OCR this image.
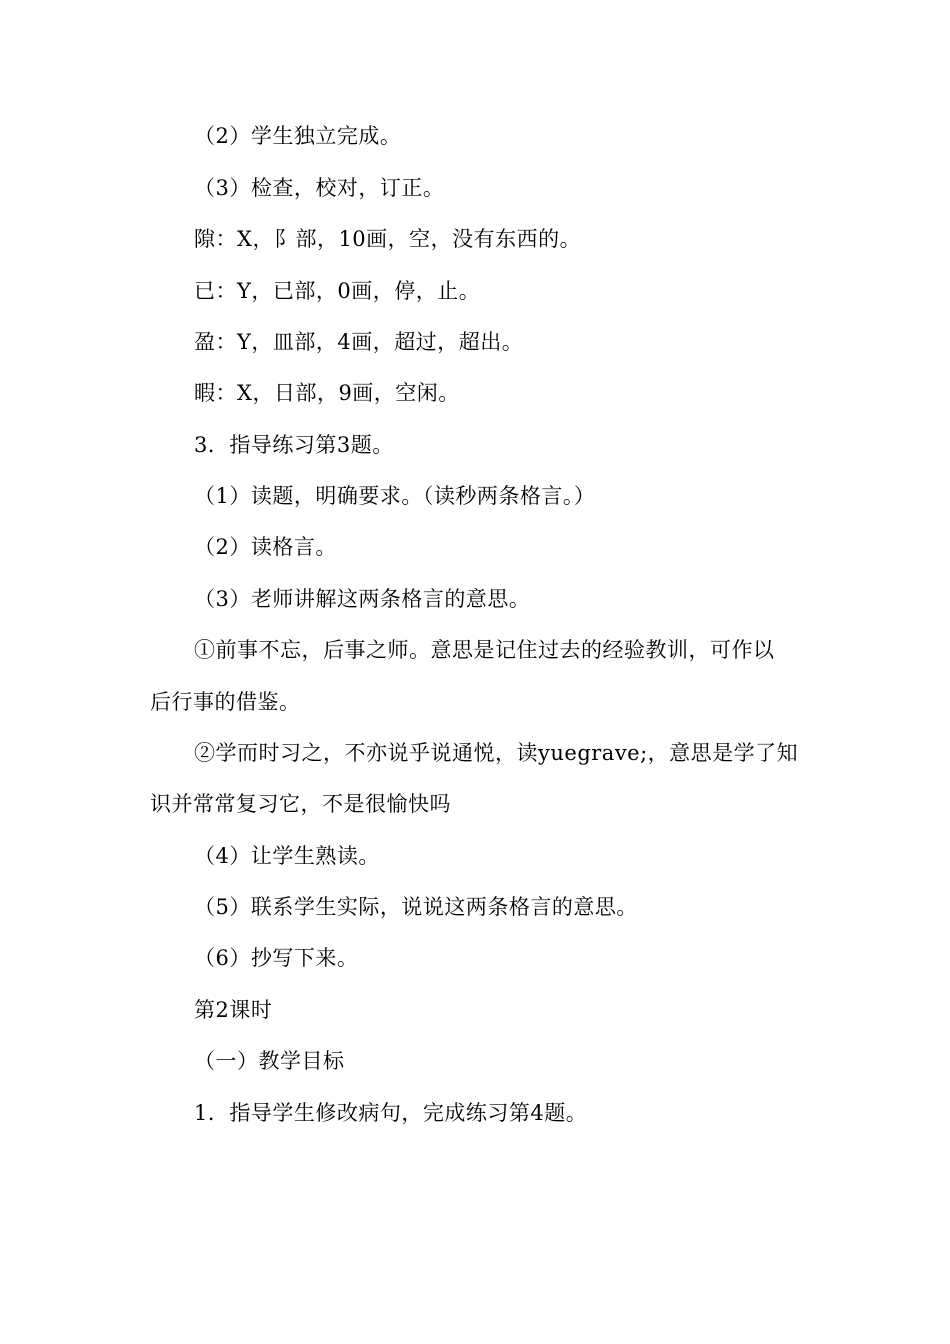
（2）学生独立完成。
（3）检查，校对，订正。
隙：X，阝部，10画，空，没有东西的。
已：Y，已部，0画，停，止。
盈：Y，皿部，4画，超过，超出。
暇：X，日部，9画，空闲。
3．指导练习第3题。
（1）读题，明确要求。（读秒两条格言。）
（2）读格言。
（3）老师讲解这两条格言的意思。
①前事不忘，后事之师。意思是记住过去的经验教训，可作以
后行事的借鉴。
②学而时习之，不亦说乎说通悦，读yuegrave;，意思是学了知
识并常常复习它，不是很愉快吗
（4）让学生熟读。
（5）联系学生实际，说说这两条格言的意思。
（6）抄写下来。
第2课时
（一）教学目标
1．指导学生修改病句，完成练习第4题。
